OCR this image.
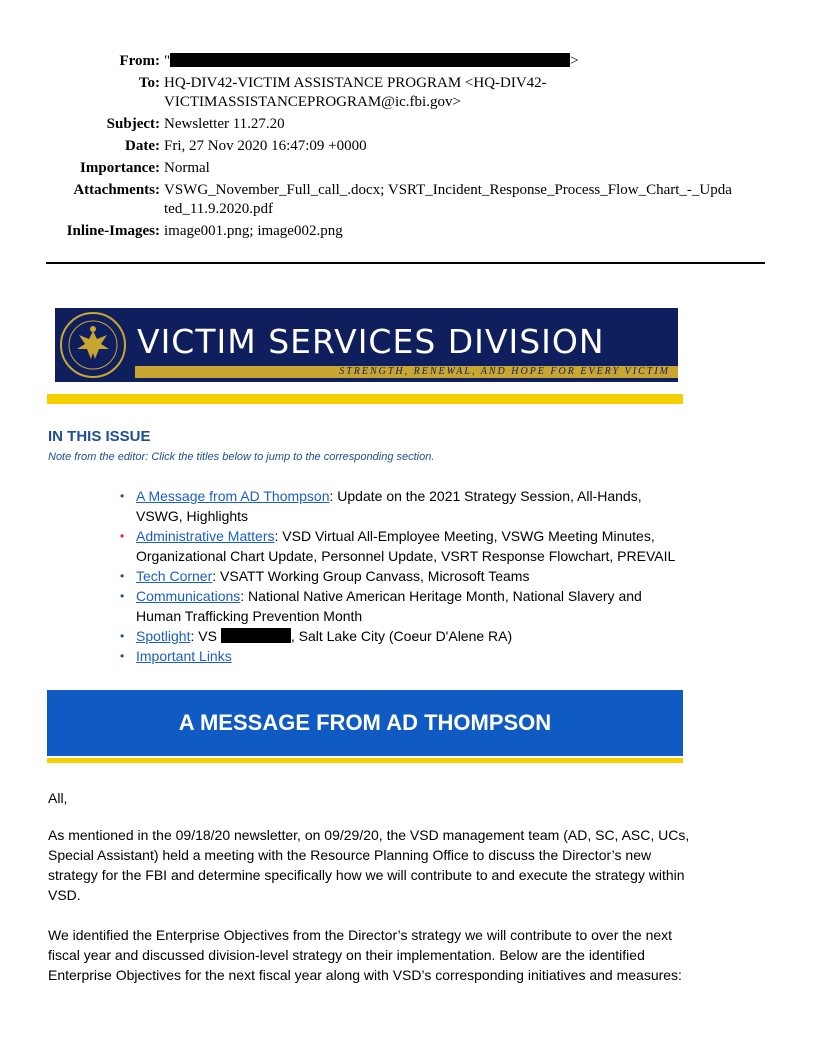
From: "	>
To: HQ-DIV42-VICTIM ASSISTANCE PROGRAM <HQ-DIV42-VICTIMASSISTANCEPROGRAM@ic.fbi.gov>
Subject: Newsletter 11.27.20
Date: Fri, 27 Nov 2020 16:47:09 +0000
Importance: Normal
Attachments: VSWG_November_Full_call_.docx; VSRT_Incident_Response_Process_Flow_Chart_-_Updated_11.9.2020.pdf
Inline-Images: image001.png; image002.png
VICTIM SERVICES DIVISION
STRENGTH, RENEWAL, AND HOPE FOR EVERY VICTIM
IN THIS ISSUE
Note from the editor: Click the titles below to jump to the corresponding section.
• A Message from AD Thompson: Update on the 2021 Strategy Session, All-Hands, VSWG, Highlights
• Administrative Matters: VSD Virtual All-Employee Meeting, VSWG Meeting Minutes, Organizational Chart Update, Personnel Update, VSRT Response Flowchart, PREVAIL
• Tech Corner: VSATT Working Group Canvass, Microsoft Teams
• Communications: National Native American Heritage Month, National Slavery and Human Trafficking Prevention Month
• Spotlight: VS	, Salt Lake City (Coeur D'Alene RA)
• Important Links
A MESSAGE FROM AD THOMPSON

All,

As mentioned in the 09/18/20 newsletter, on 09/29/20, the VSD management team (AD, SC, ASC, UCs, Special Assistant) held a meeting with the Resource Planning Office to discuss the Director’s new strategy for the FBI and determine specifically how we will contribute to and execute the strategy within VSD.

We identified the Enterprise Objectives from the Director’s strategy we will contribute to over the next fiscal year and discussed division-level strategy on their implementation. Below are the identified Enterprise Objectives for the next fiscal year along with VSD’s corresponding initiatives and measures:
